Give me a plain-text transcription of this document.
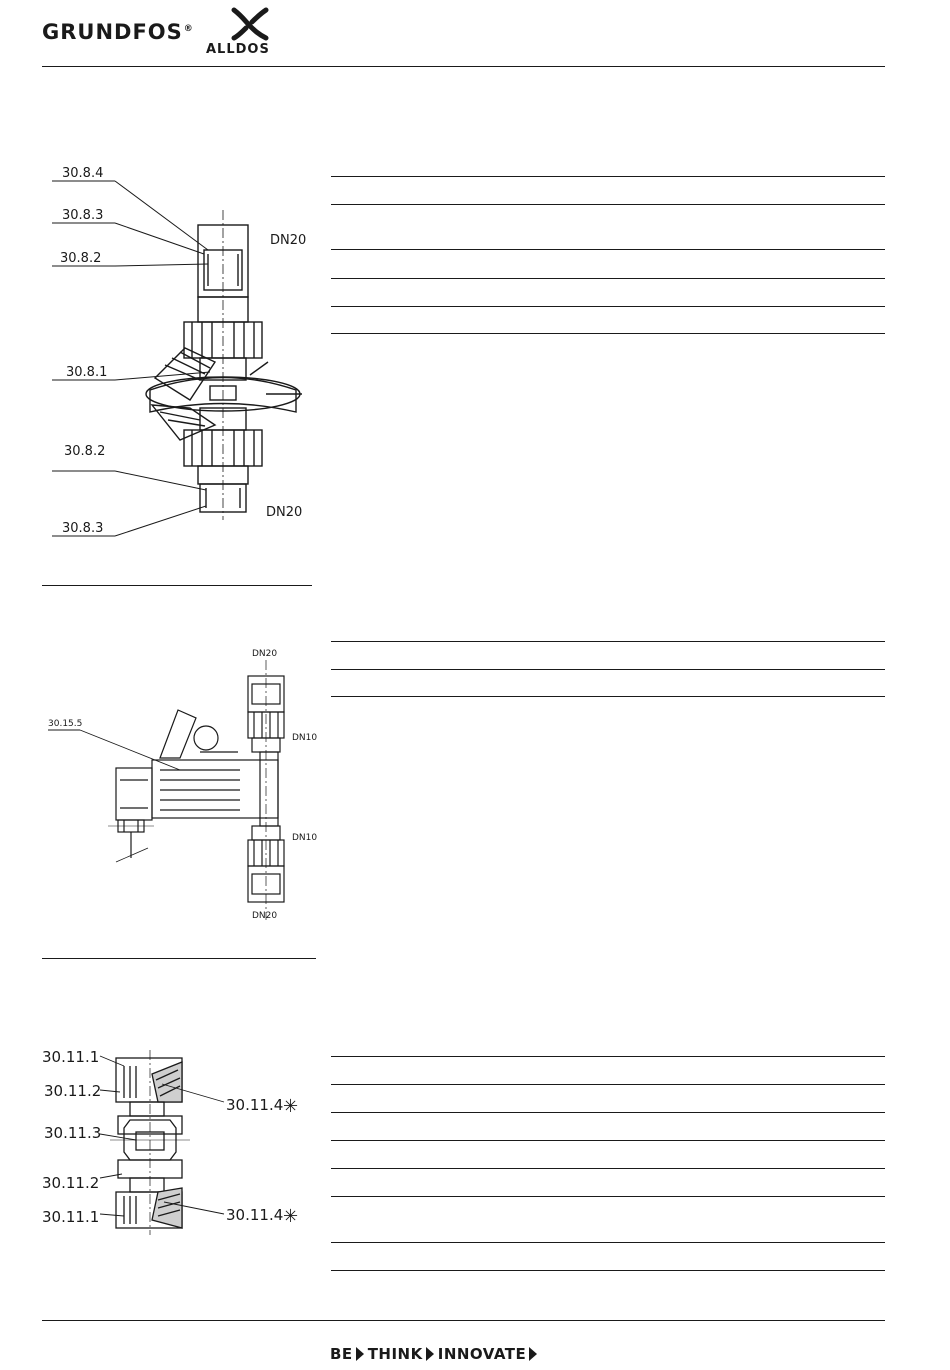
GRUNDFOS®
ALLDOS
30.8.4
30.8.3
30.8.2
30.8.1
30.8.2
30.8.3
DN20
DN20
30.15.5
DN20
DN10
DN10
DN20
30.11.1
30.11.2
30.11.3
30.11.2
30.11.1
30.11.4
30.11.4
✳
✳
BE THINK INNOVATE
